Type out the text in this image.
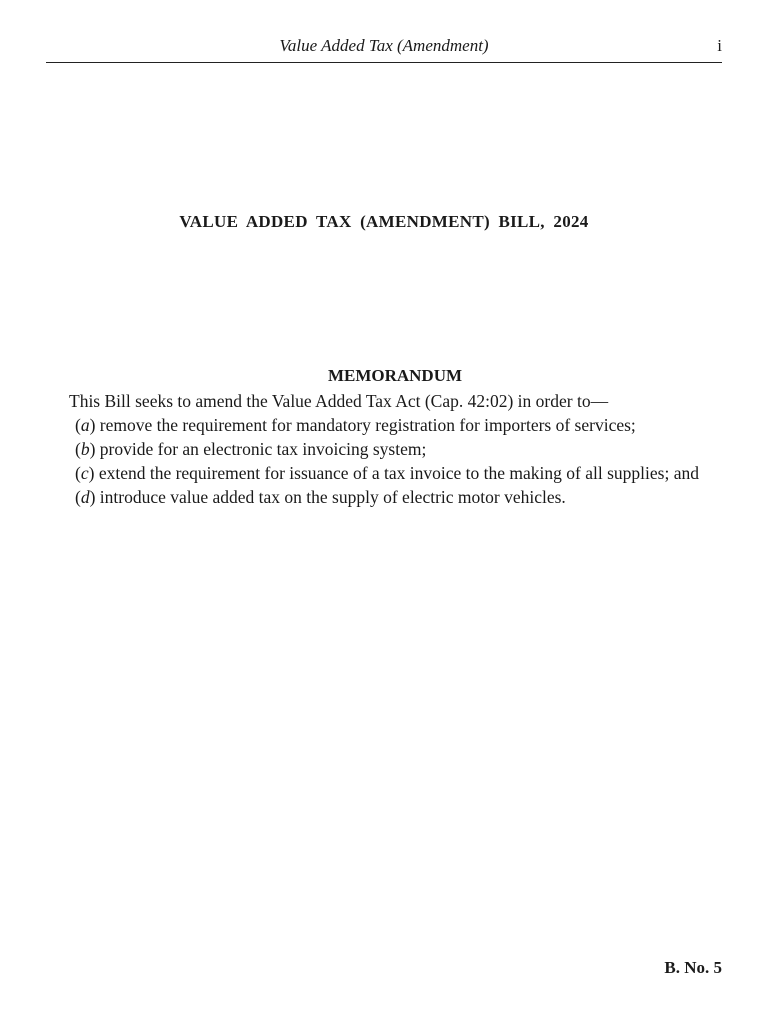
Value Added Tax (Amendment)	i
VALUE ADDED TAX (AMENDMENT) BILL, 2024
MEMORANDUM

This Bill seeks to amend the Value Added Tax Act (Cap. 42:02) in order to—

(a) remove the requirement for mandatory registration for importers of services;

(b) provide for an electronic tax invoicing system;

(c) extend the requirement for issuance of a tax invoice to the making of all supplies; and

(d) introduce value added tax on the supply of electric motor vehicles.

B. No. 5
